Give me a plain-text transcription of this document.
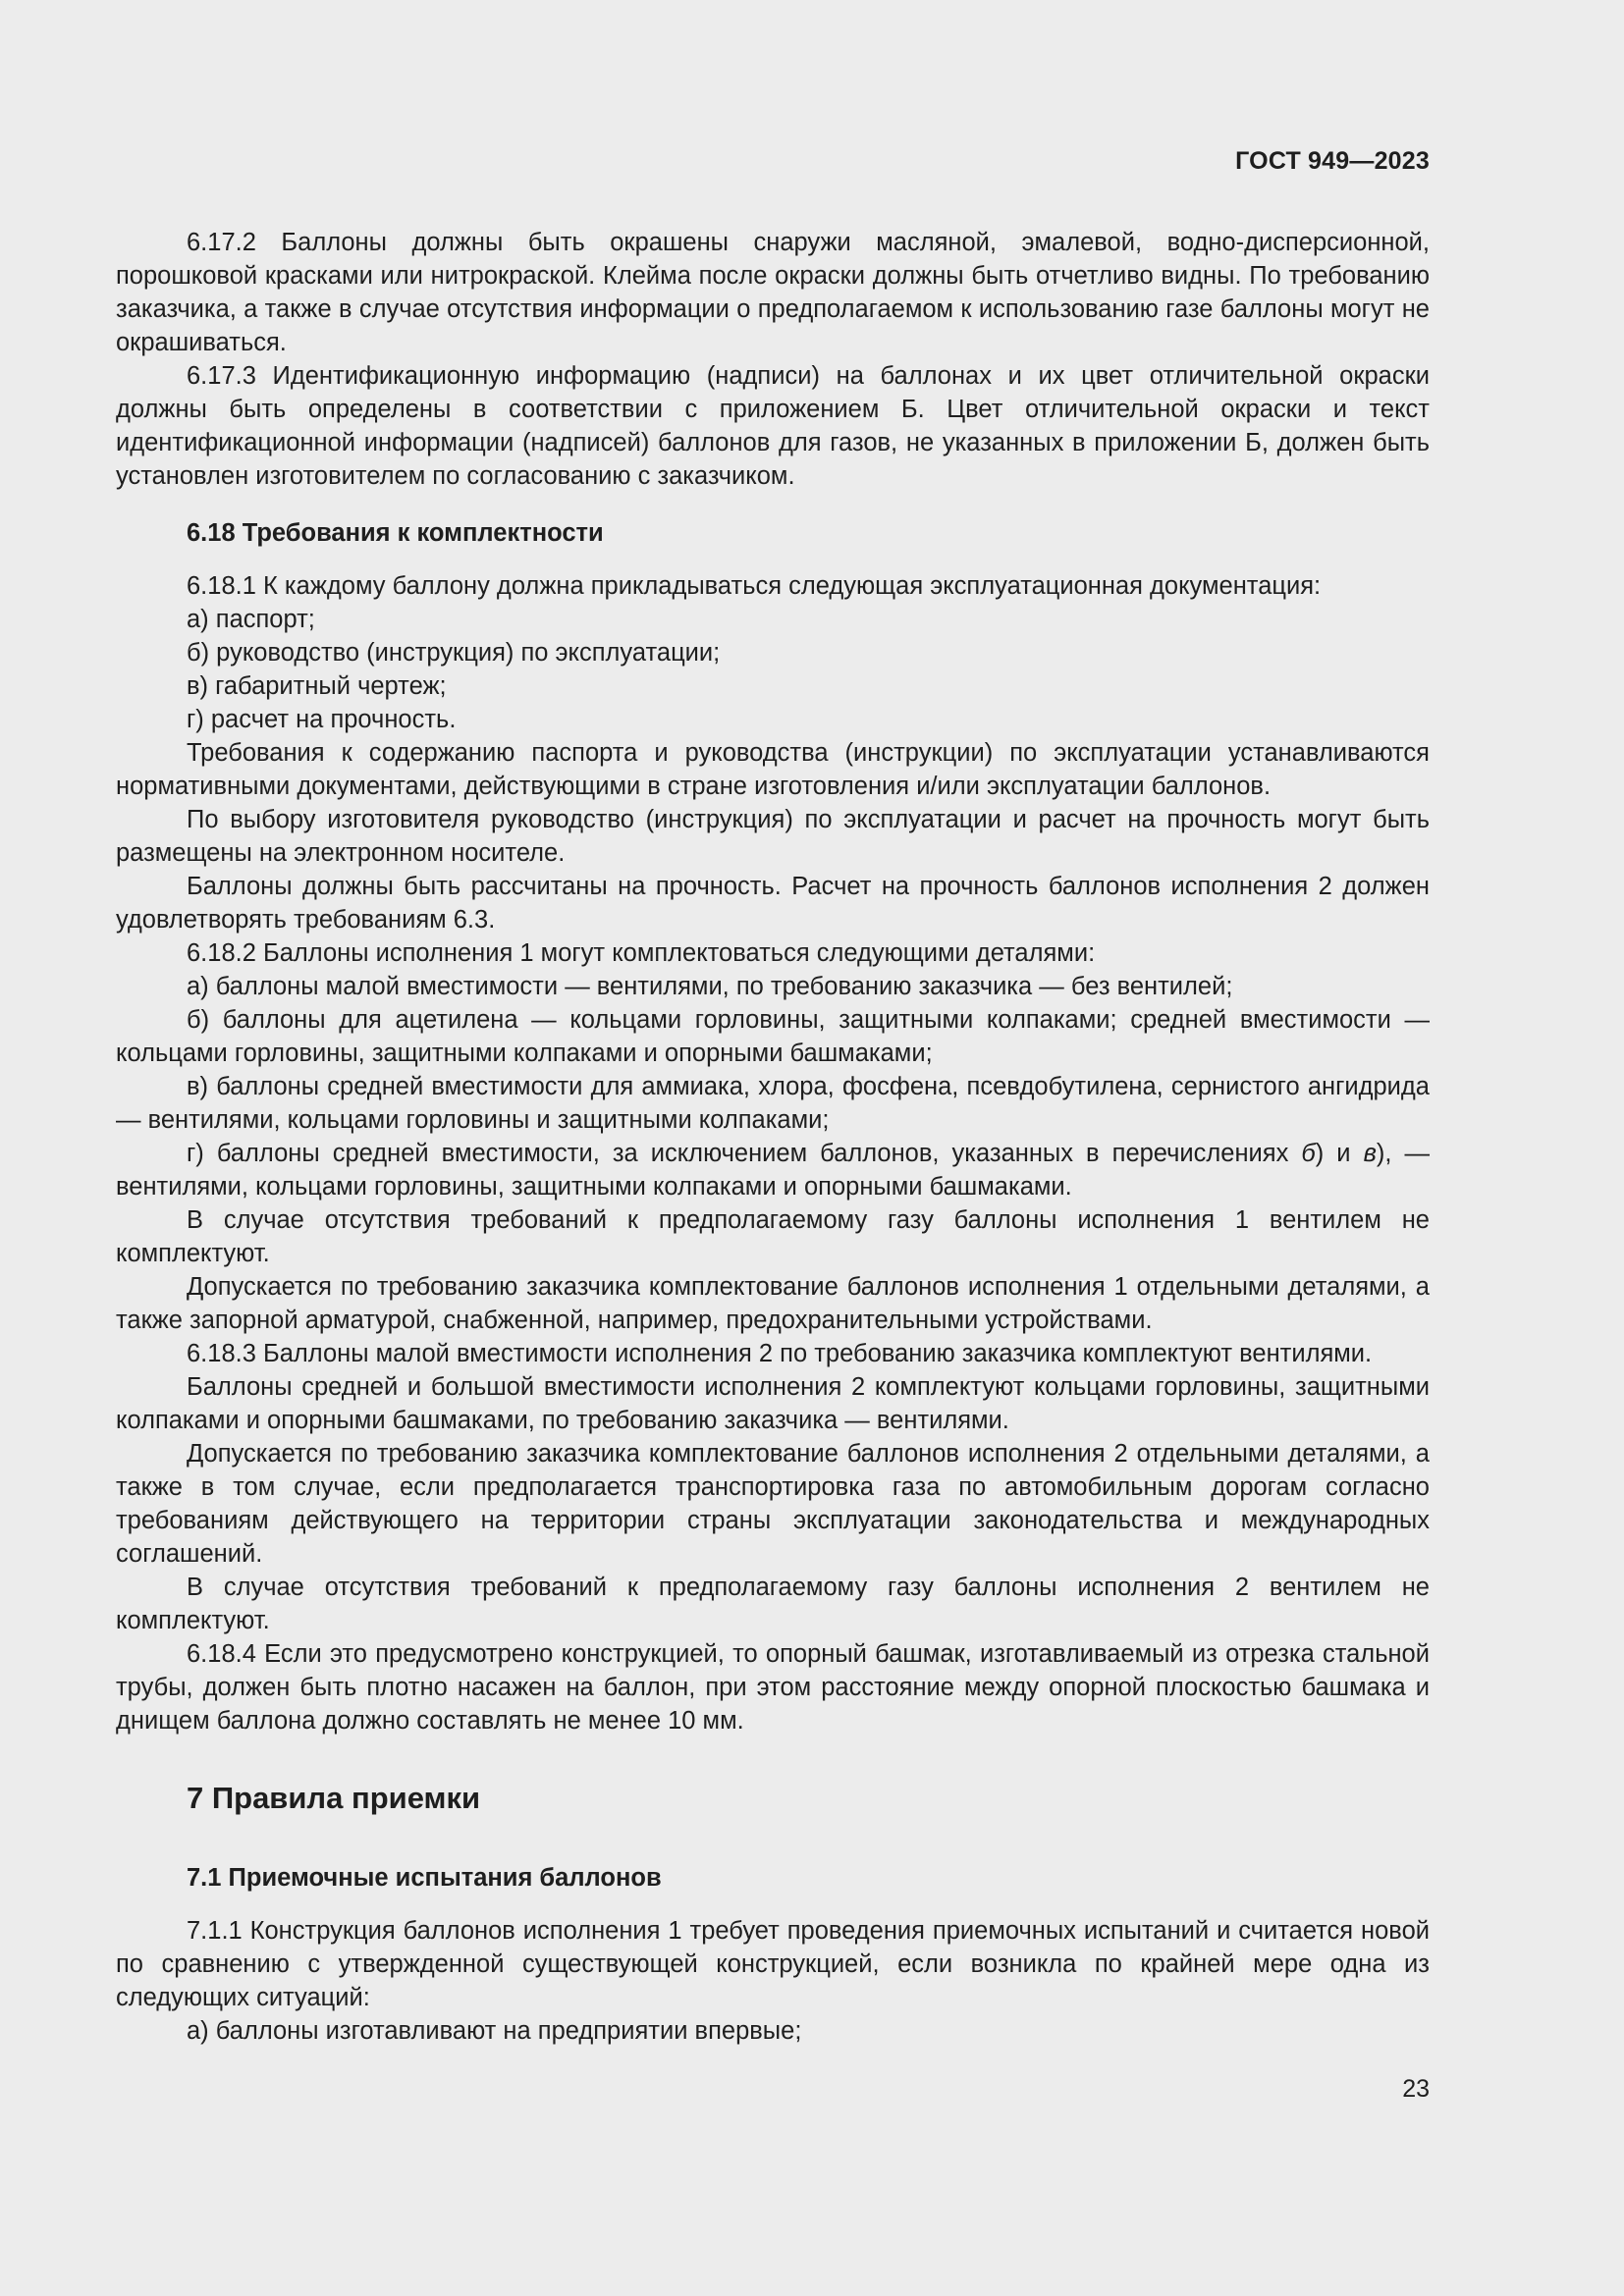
ГОСТ 949—2023

6.17.2 Баллоны должны быть окрашены снаружи масляной, эмалевой, водно-дисперсионной, порошковой красками или нитрокраской. Клейма после окраски должны быть отчетливо видны. По требованию заказчика, а также в случае отсутствия информации о предполагаемом к использованию газе баллоны могут не окрашиваться.

6.17.3 Идентификационную информацию (надписи) на баллонах и их цвет отличительной окраски должны быть определены в соответствии с приложением Б. Цвет отличительной окраски и текст идентификационной информации (надписей) баллонов для газов, не указанных в приложении Б, должен быть установлен изготовителем по согласованию с заказчиком.

6.18 Требования к комплектности

6.18.1 К каждому баллону должна прикладываться следующая эксплуатационная документация:

а) паспорт;

б) руководство (инструкция) по эксплуатации;

в) габаритный чертеж;

г) расчет на прочность.

Требования к содержанию паспорта и руководства (инструкции) по эксплуатации устанавливаются нормативными документами, действующими в стране изготовления и/или эксплуатации баллонов.

По выбору изготовителя руководство (инструкция) по эксплуатации и расчет на прочность могут быть размещены на электронном носителе.

Баллоны должны быть рассчитаны на прочность. Расчет на прочность баллонов исполнения 2 должен удовлетворять требованиям 6.3.

6.18.2 Баллоны исполнения 1 могут комплектоваться следующими деталями:

а) баллоны малой вместимости — вентилями, по требованию заказчика — без вентилей;

б) баллоны для ацетилена — кольцами горловины, защитными колпаками; средней вместимости — кольцами горловины, защитными колпаками и опорными башмаками;

в) баллоны средней вместимости для аммиака, хлора, фосфена, псевдобутилена, сернистого ангидрида — вентилями, кольцами горловины и защитными колпаками;

г) баллоны средней вместимости, за исключением баллонов, указанных в перечислениях б) и в), — вентилями, кольцами горловины, защитными колпаками и опорными башмаками.

В случае отсутствия требований к предполагаемому газу баллоны исполнения 1 вентилем не комплектуют.

Допускается по требованию заказчика комплектование баллонов исполнения 1 отдельными деталями, а также запорной арматурой, снабженной, например, предохранительными устройствами.

6.18.3 Баллоны малой вместимости исполнения 2 по требованию заказчика комплектуют вентилями.

Баллоны средней и большой вместимости исполнения 2 комплектуют кольцами горловины, защитными колпаками и опорными башмаками, по требованию заказчика — вентилями.

Допускается по требованию заказчика комплектование баллонов исполнения 2 отдельными деталями, а также в том случае, если предполагается транспортировка газа по автомобильным дорогам согласно требованиям действующего на территории страны эксплуатации законодательства и международных соглашений.

В случае отсутствия требований к предполагаемому газу баллоны исполнения 2 вентилем не комплектуют.

6.18.4 Если это предусмотрено конструкцией, то опорный башмак, изготавливаемый из отрезка стальной трубы, должен быть плотно насажен на баллон, при этом расстояние между опорной плоскостью башмака и днищем баллона должно составлять не менее 10 мм.

7 Правила приемки
7.1 Приемочные испытания баллонов

7.1.1 Конструкция баллонов исполнения 1 требует проведения приемочных испытаний и считается новой по сравнению с утвержденной существующей конструкцией, если возникла по крайней мере одна из следующих ситуаций:

а) баллоны изготавливают на предприятии впервые;

23
